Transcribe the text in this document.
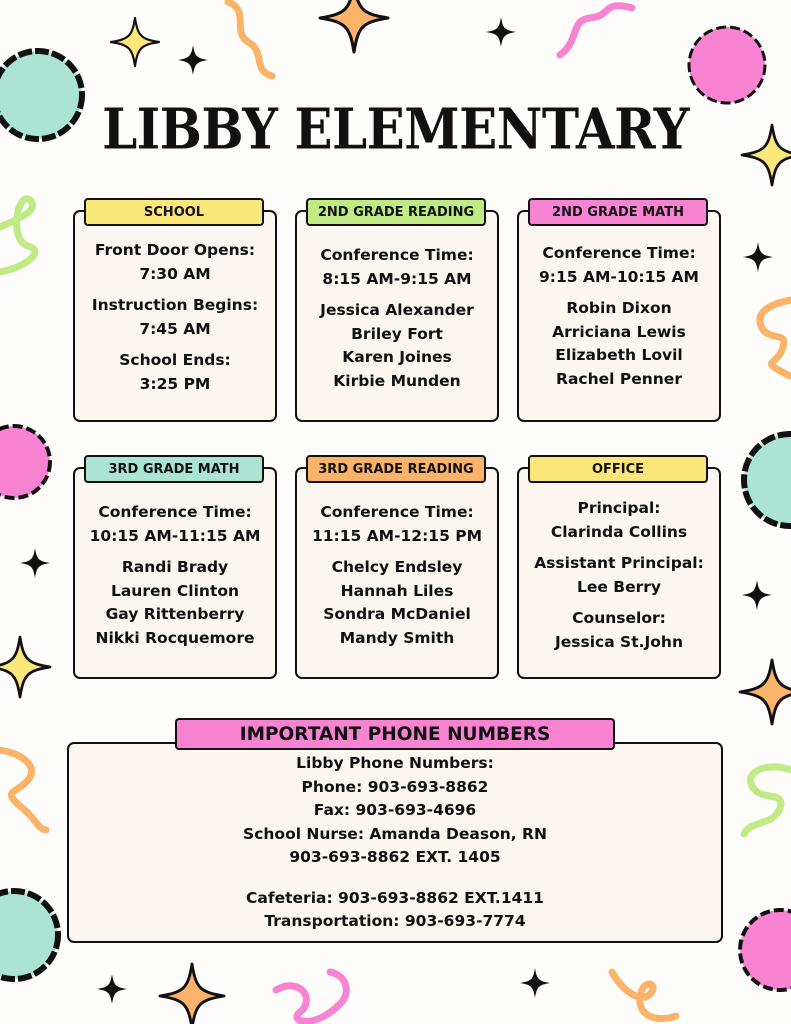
LIBBY ELEMENTARY
Front Door Opens:
7:30 AM
Instruction Begins:
7:45 AM
School Ends:
3:25 PM
SCHOOL
Conference Time:
8:15 AM-9:15 AM
Jessica Alexander
Briley Fort
Karen Joines
Kirbie Munden
2ND GRADE READING
Conference Time:
9:15 AM-10:15 AM
Robin Dixon
Arriciana Lewis
Elizabeth Lovil
Rachel Penner
2ND GRADE MATH
Conference Time:
10:15 AM-11:15 AM
Randi Brady
Lauren Clinton
Gay Rittenberry
Nikki Rocquemore
3RD GRADE MATH
Conference Time:
11:15 AM-12:15 PM
Chelcy Endsley
Hannah Liles
Sondra McDaniel
Mandy Smith
3RD GRADE READING
Principal:
Clarinda Collins
Assistant Principal:
Lee Berry
Counselor:
Jessica St.John
OFFICE
IMPORTANT PHONE NUMBERS
Libby Phone Numbers:
Phone: 903-693-8862
Fax: 903-693-4696
School Nurse: Amanda Deason, RN
903-693-8862 EXT. 1405
Cafeteria: 903-693-8862 EXT.1411
Transportation: 903-693-7774
